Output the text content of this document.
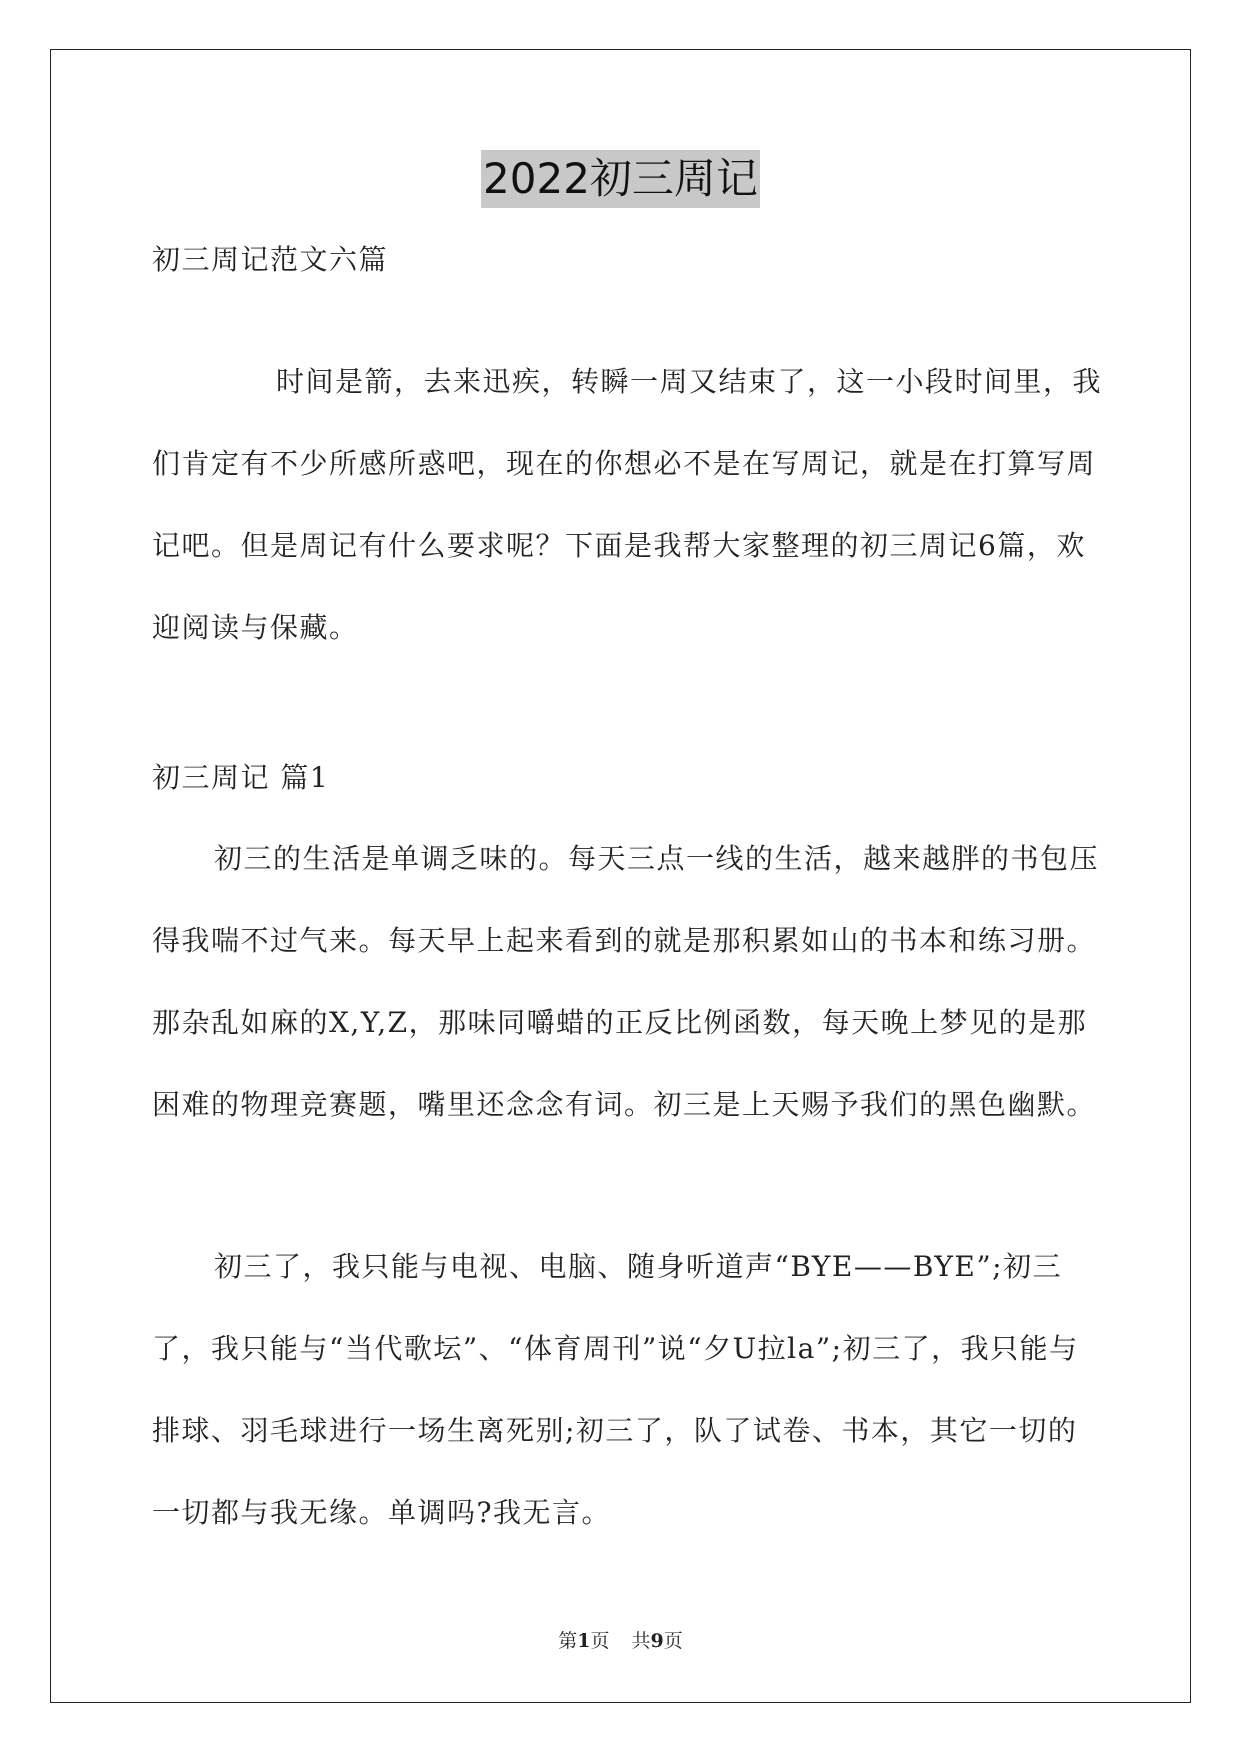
2022初三周记
初三周记范文六篇
时间是箭，去来迅疾，转瞬一周又结束了，这一小段时间里，我们肯定有不少所感所惑吧，现在的你想必不是在写周记，就是在打算写周记吧。但是周记有什么要求呢？下面是我帮大家整理的初三周记6篇，欢迎阅读与保藏。
初三周记 篇1
初三的生活是单调乏味的。每天三点一线的生活，越来越胖的书包压得我喘不过气来。每天早上起来看到的就是那积累如山的书本和练习册。那杂乱如麻的X,Y,Z，那味同嚼蜡的正反比例函数，每天晚上梦见的是那困难的物理竞赛题，嘴里还念念有词。初三是上天赐予我们的黑色幽默。
初三了，我只能与电视、电脑、随身听道声“BYE——BYE”;初三了，我只能与“当代歌坛”、“体育周刊”说“夕U拉la”;初三了，我只能与排球、羽毛球进行一场生离死别;初三了，队了试卷、书本，其它一切的一切都与我无缘。单调吗?我无言。
第1页 共9页
